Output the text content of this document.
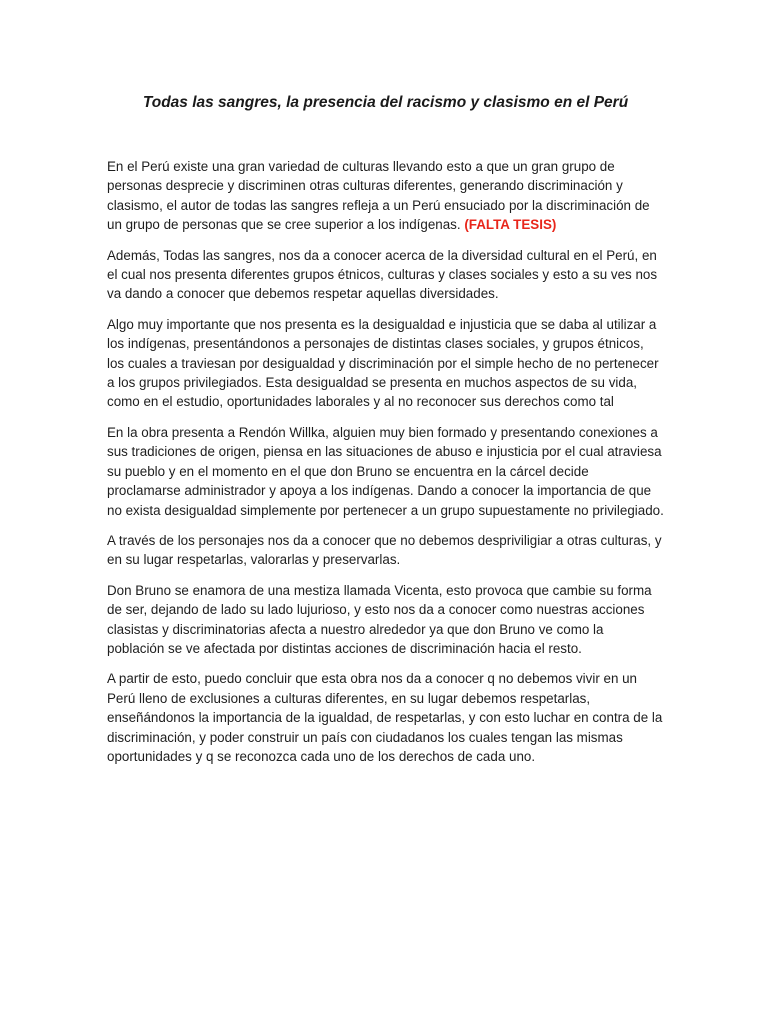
Todas las sangres, la presencia del racismo y clasismo en el Perú

En el Perú existe una gran variedad de culturas llevando esto a que un gran grupo de personas desprecie y discriminen otras culturas diferentes, generando discriminación y clasismo, el autor de todas las sangres refleja a un Perú ensuciado por la discriminación de un grupo de personas que se cree superior a los indígenas. (FALTA TESIS)

Además, Todas las sangres, nos da a conocer acerca de la diversidad cultural en el Perú, en el cual nos presenta diferentes grupos étnicos, culturas y clases sociales y esto a su ves nos va dando a conocer que debemos respetar aquellas diversidades.

Algo muy importante que nos presenta es la desigualdad e injusticia que se daba al utilizar a los indígenas, presentándonos a personajes de distintas clases sociales, y grupos étnicos, los cuales a traviesan por desigualdad y discriminación por el simple hecho de no pertenecer a los grupos privilegiados. Esta desigualdad se presenta en muchos aspectos de su vida, como en el estudio, oportunidades laborales y al no reconocer sus derechos como tal

En la obra presenta a Rendón Willka, alguien muy bien formado y presentando conexiones a sus tradiciones de origen, piensa en las situaciones de abuso e injusticia por el cual atraviesa su pueblo y en el momento en el que don Bruno se encuentra en la cárcel decide proclamarse administrador y apoya a los indígenas. Dando a conocer la importancia de que no exista desigualdad simplemente por pertenecer a un grupo supuestamente no privilegiado.

A través de los personajes nos da a conocer que no debemos despriviligiar a otras culturas, y en su lugar respetarlas, valorarlas y preservarlas.

Don Bruno se enamora de una mestiza llamada Vicenta, esto provoca que cambie su forma de ser, dejando de lado su lado lujurioso, y esto nos da a conocer como nuestras acciones clasistas y discriminatorias afecta a nuestro alrededor ya que don Bruno ve como la población se ve afectada por distintas acciones de discriminación hacia el resto.

A partir de esto, puedo concluir que esta obra nos da a conocer q no debemos vivir en un Perú lleno de exclusiones a culturas diferentes, en su lugar debemos respetarlas, enseñándonos la importancia de la igualdad, de respetarlas, y con esto luchar en contra de la discriminación, y poder construir un país con ciudadanos los cuales tengan las mismas oportunidades y q se reconozca cada uno de los derechos de cada uno.
